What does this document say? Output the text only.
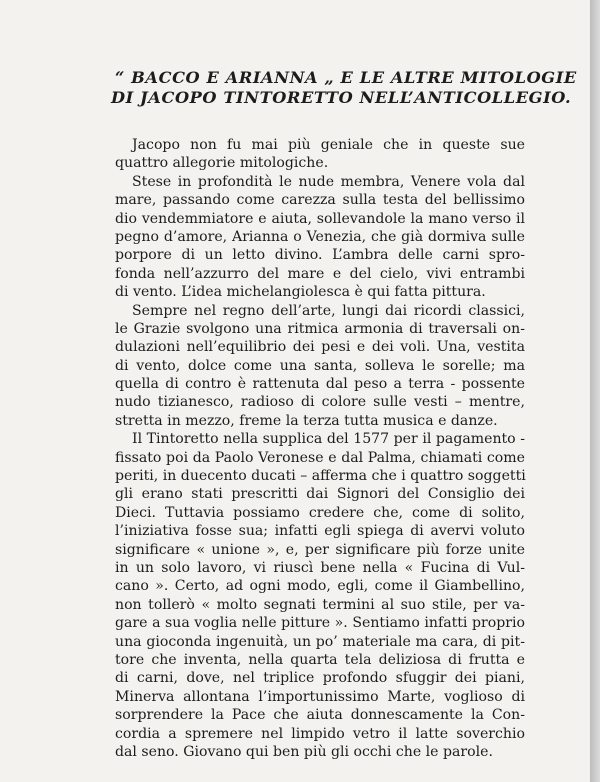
“ BACCO E ARIANNA „ E LE ALTRE MITOLOGIE
DI JACOPO TINTORETTO NELL’ANTICOLLEGIO.
Jacopo non fu mai più geniale che in queste sue
quattro allegorie mitologiche.
Stese in profondità le nude membra, Venere vola dal
mare, passando come carezza sulla testa del bellissimo
dio vendemmiatore e aiuta, sollevandole la mano verso il
pegno d’amore, Arianna o Venezia, che già dormiva sulle
porpore di un letto divino. L’ambra delle carni spro-
fonda nell’azzurro del mare e del cielo, vivi entrambi
di vento. L’idea michelangiolesca è qui fatta pittura.
Sempre nel regno dell’arte, lungi dai ricordi classici,
le Grazie svolgono una ritmica armonia di traversali on-
dulazioni nell’equilibrio dei pesi e dei voli. Una, vestita
di vento, dolce come una santa, solleva le sorelle; ma
quella di contro è rattenuta dal peso a terra - possente
nudo tizianesco, radioso di colore sulle vesti – mentre,
stretta in mezzo, freme la terza tutta musica e danze.
Il Tintoretto nella supplica del 1577 per il pagamento -
fissato poi da Paolo Veronese e dal Palma, chiamati come
periti, in duecento ducati – afferma che i quattro soggetti
gli erano stati prescritti dai Signori del Consiglio dei
Dieci. Tuttavia possiamo credere che, come di solito,
l’iniziativa fosse sua; infatti egli spiega di avervi voluto
significare « unione », e, per significare più forze unite
in un solo lavoro, vi riuscì bene nella « Fucina di Vul-
cano ». Certo, ad ogni modo, egli, come il Giambellino,
non tollerò « molto segnati termini al suo stile, per va-
gare a sua voglia nelle pitture ». Sentiamo infatti proprio
una gioconda ingenuità, un po’ materiale ma cara, di pit-
tore che inventa, nella quarta tela deliziosa di frutta e
di carni, dove, nel triplice profondo sfuggir dei piani,
Minerva allontana l’importunissimo Marte, voglioso di
sorprendere la Pace che aiuta donnescamente la Con-
cordia a spremere nel limpido vetro il latte soverchio
dal seno. Giovano qui ben più gli occhi che le parole.
